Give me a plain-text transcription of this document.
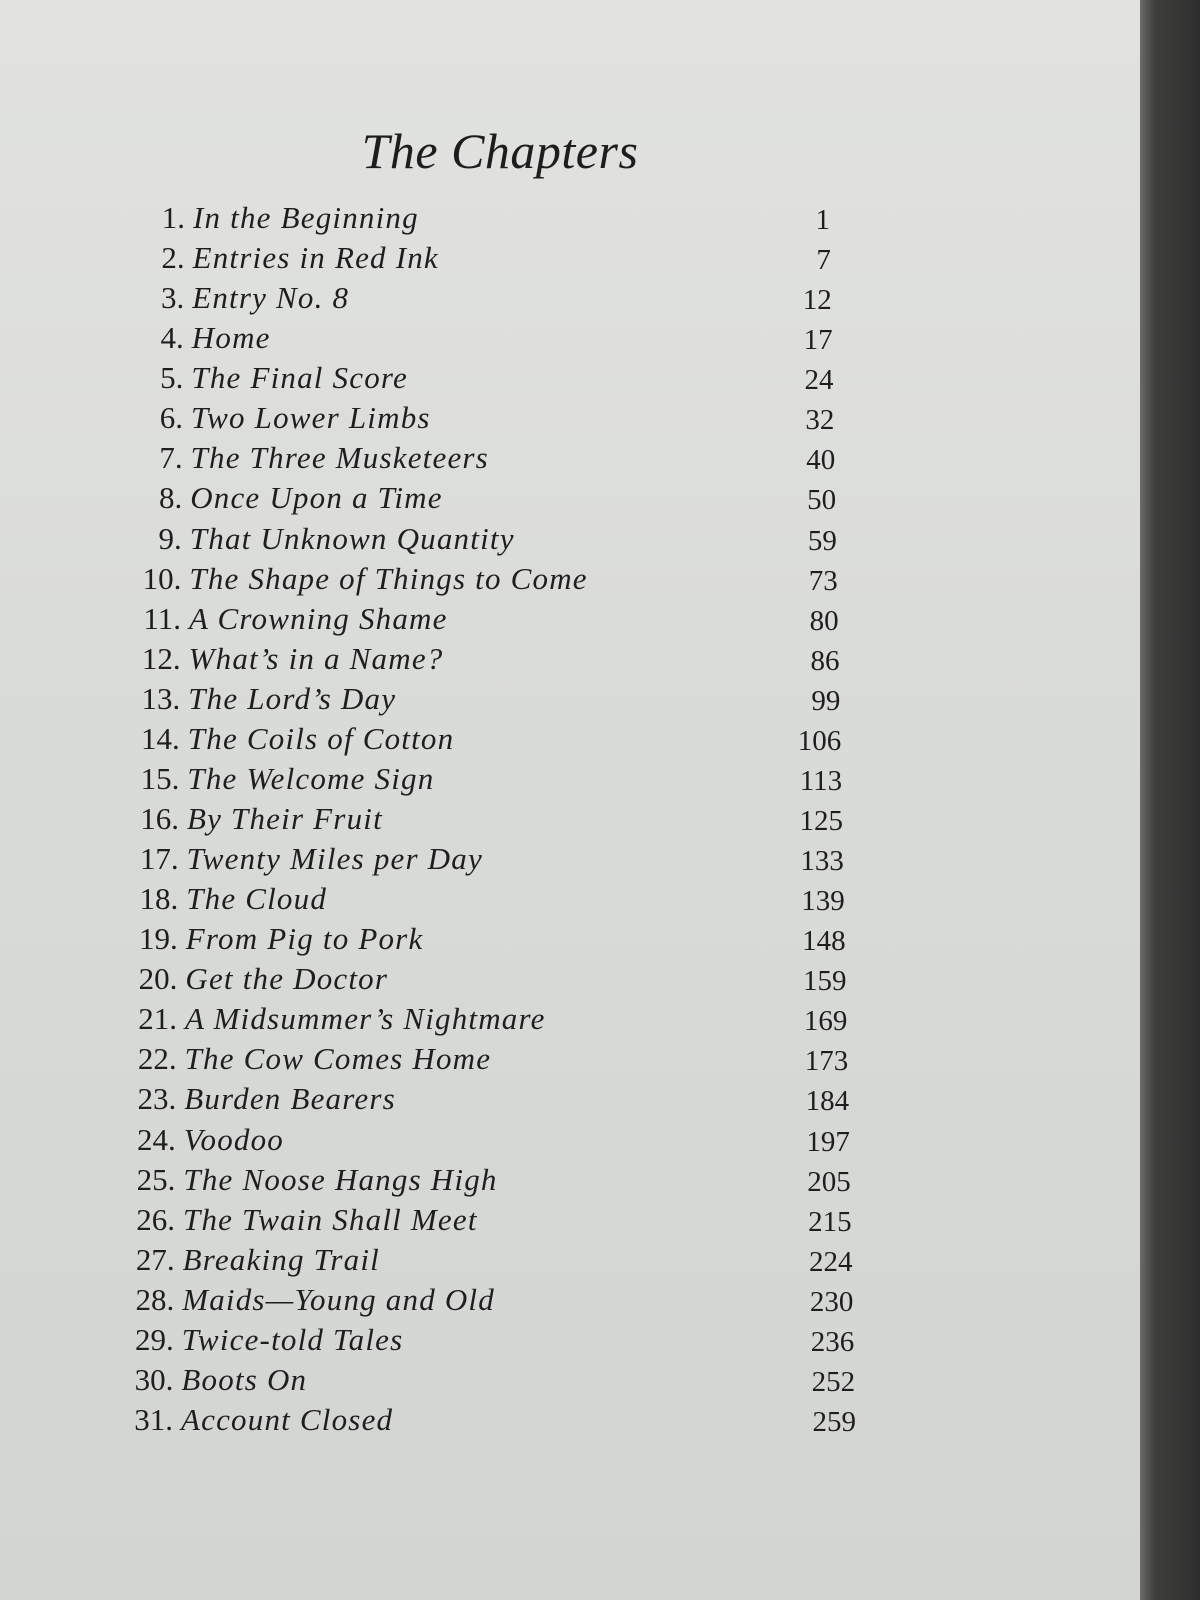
The Chapters
1. In the Beginning	1
2. Entries in Red Ink	7
3. Entry No. 8	12
4. Home	17
5. The Final Score	24
6. Two Lower Limbs	32
7. The Three Musketeers	40
8. Once Upon a Time	50
9. That Unknown Quantity	59
10. The Shape of Things to Come	73
11. A Crowning Shame	80
12. What’s in a Name?	86
13. The Lord’s Day	99
14. The Coils of Cotton	106
15. The Welcome Sign	113
16. By Their Fruit	125
17. Twenty Miles per Day	133
18. The Cloud	139
19. From Pig to Pork	148
20. Get the Doctor	159
21. A Midsummer’s Nightmare	169
22. The Cow Comes Home	173
23. Burden Bearers	184
24. Voodoo	197
25. The Noose Hangs High	205
26. The Twain Shall Meet	215
27. Breaking Trail	224
28. Maids—Young and Old	230
29. Twice-told Tales	236
30. Boots On	252
31. Account Closed	259
